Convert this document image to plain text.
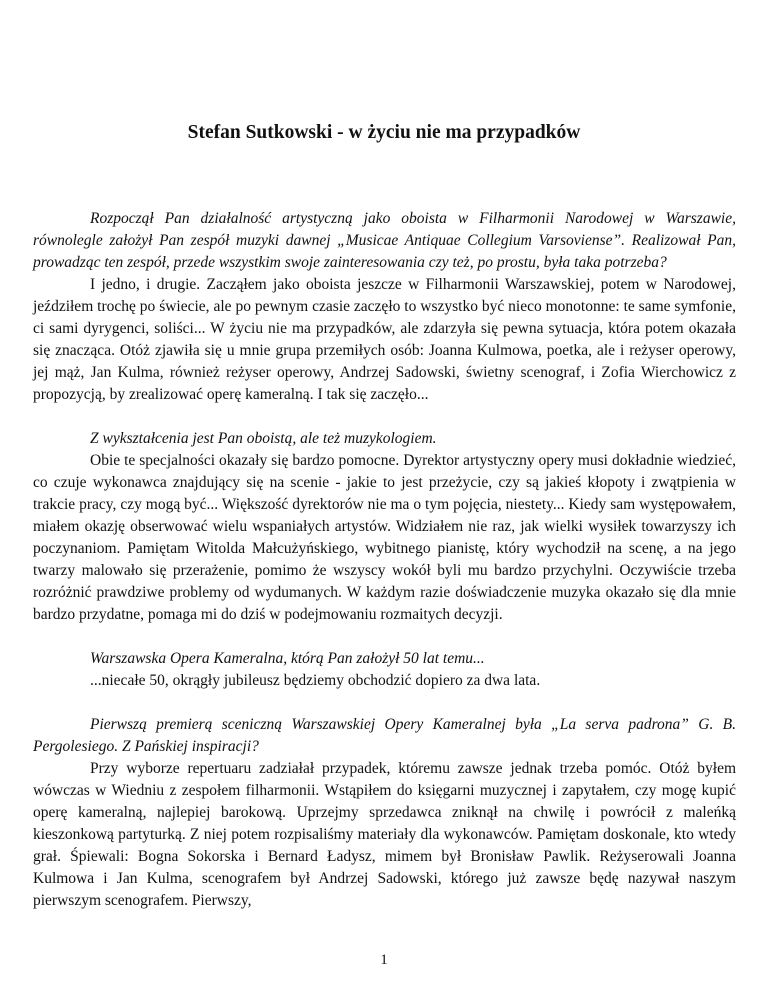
Stefan Sutkowski - w życiu nie ma przypadków

Rozpoczął Pan działalność artystyczną jako oboista w Filharmonii Narodowej w Warszawie, równolegle założył Pan zespół muzyki dawnej „Musicae Antiquae Collegium Varsoviense”. Realizował Pan, prowadząc ten zespół, przede wszystkim swoje zainteresowania czy też, po prostu, była taka potrzeba?

I jedno, i drugie. Zacząłem jako oboista jeszcze w Filharmonii Warszawskiej, potem w Narodowej, jeździłem trochę po świecie, ale po pewnym czasie zaczęło to wszystko być nieco monotonne: te same symfonie, ci sami dyrygenci, soliści... W życiu nie ma przypadków, ale zdarzyła się pewna sytuacja, która potem okazała się znacząca. Otóż zjawiła się u mnie grupa przemiłych osób: Joanna Kulmowa, poetka, ale i reżyser operowy, jej mąż, Jan Kulma, również reżyser operowy, Andrzej Sadowski, świetny scenograf, i Zofia Wierchowicz z propozycją, by zrealizować operę kameralną. I tak się zaczęło...

Z wykształcenia jest Pan oboistą, ale też muzykologiem.

Obie te specjalności okazały się bardzo pomocne. Dyrektor artystyczny opery musi dokładnie wiedzieć, co czuje wykonawca znajdujący się na scenie - jakie to jest przeżycie, czy są jakieś kłopoty i zwątpienia w trakcie pracy, czy mogą być... Większość dyrektorów nie ma o tym pojęcia, niestety... Kiedy sam występowałem, miałem okazję obserwować wielu wspaniałych artystów. Widziałem nie raz, jak wielki wysiłek towarzyszy ich poczynaniom. Pamiętam Witolda Małcużyńskiego, wybitnego pianistę, który wychodził na scenę, a na jego twarzy malowało się przerażenie, pomimo że wszyscy wokół byli mu bardzo przychylni. Oczywiście trzeba rozróżnić prawdziwe problemy od wydumanych. W każdym razie doświadczenie muzyka okazało się dla mnie bardzo przydatne, pomaga mi do dziś w podejmowaniu rozmaitych decyzji.

Warszawska Opera Kameralna, którą Pan założył 50 lat temu...

...niecałe 50, okrągły jubileusz będziemy obchodzić dopiero za dwa lata.

Pierwszą premierą sceniczną Warszawskiej Opery Kameralnej była „La serva padrona” G. B. Pergolesiego. Z Pańskiej inspiracji?

Przy wyborze repertuaru zadziałał przypadek, któremu zawsze jednak trzeba pomóc. Otóż byłem wówczas w Wiedniu z zespołem filharmonii. Wstąpiłem do księgarni muzycznej i zapytałem, czy mogę kupić operę kameralną, najlepiej barokową. Uprzejmy sprzedawca zniknął na chwilę i powrócił z maleńką kieszonkową partyturką. Z niej potem rozpisaliśmy materiały dla wykonawców. Pamiętam doskonale, kto wtedy grał. Śpiewali: Bogna Sokorska i Bernard Ładysz, mimem był Bronisław Pawlik. Reżyserowali Joanna Kulmowa i Jan Kulma, scenografem był Andrzej Sadowski, którego już zawsze będę nazywał naszym pierwszym scenografem. Pierwszy,

1
